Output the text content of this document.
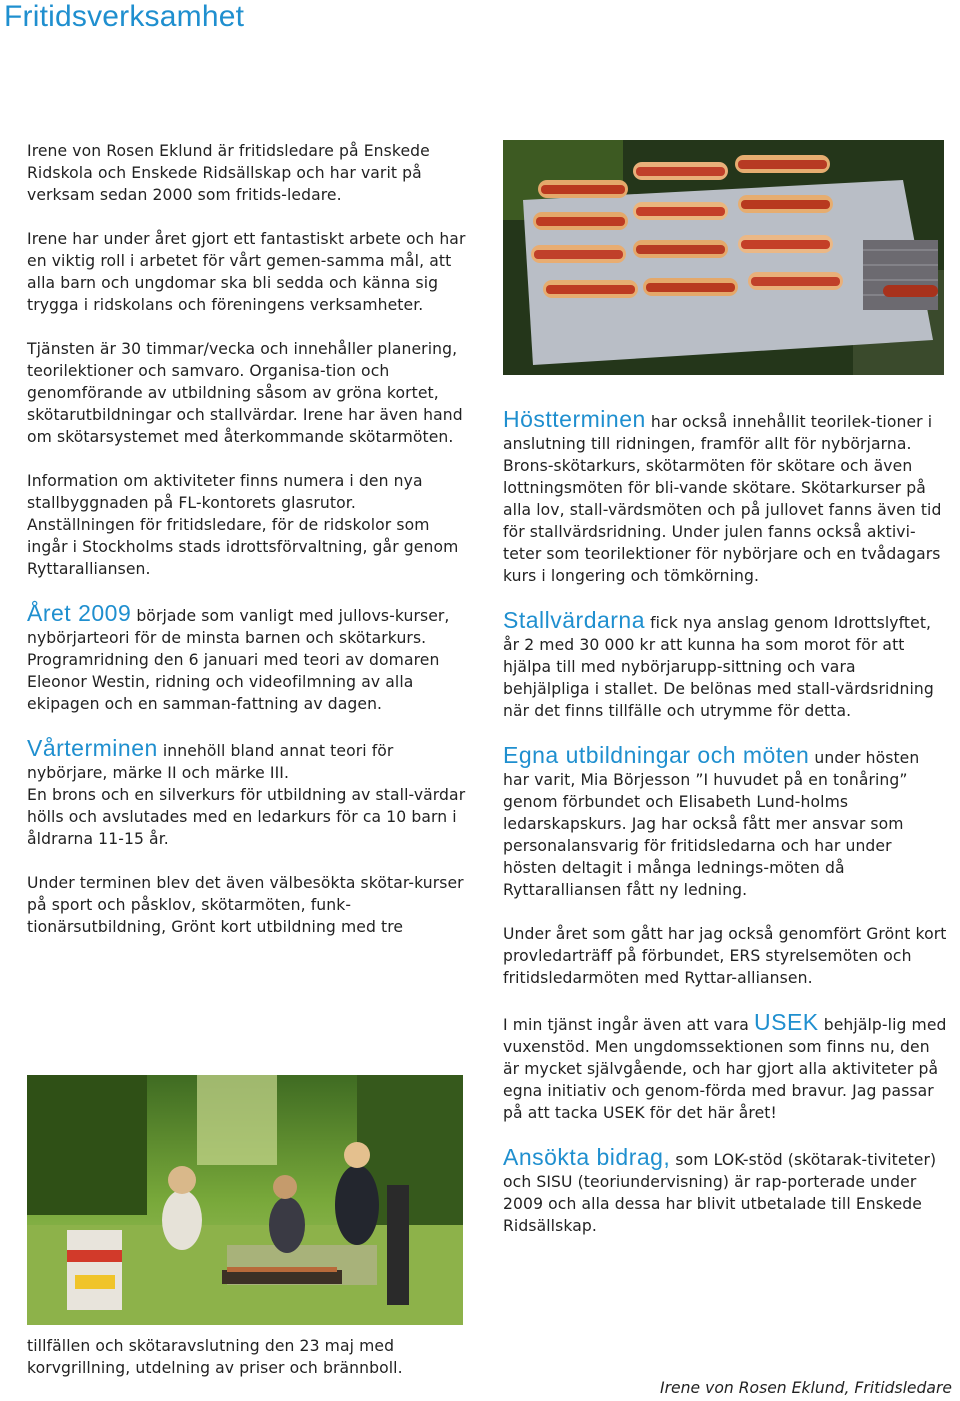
Fritidsverksamhet

Irene von Rosen Eklund är fritidsledare på Enskede Ridskola och Enskede Ridsällskap och har varit på verksam sedan 2000 som fritids-ledare.

Irene har under året gjort ett fantastiskt arbete och har en viktig roll i arbetet för vårt gemen-samma mål, att alla barn och ungdomar ska bli sedda och känna sig trygga i ridskolans och föreningens verksamheter.

Tjänsten är 30 timmar/vecka och innehåller planering, teorilektioner och samvaro. Organisa-tion och genomförande av utbildning såsom av gröna kortet, skötarutbildningar och stallvärdar. Irene har även hand om skötarsystemet med återkommande skötarmöten.

Information om aktiviteter finns numera i den nya stallbyggnaden på FL-kontorets glasrutor. Anställningen för fritidsledare, för de ridskolor som ingår i Stockholms stads idrottsförvaltning, går genom Ryttaralliansen.

Året 2009 började som vanligt med jullovs-kurser, nybörjarteori för de minsta barnen och skötarkurs. Programridning den 6 januari med teori av domaren Eleonor Westin, ridning och videofilmning av alla ekipagen och en samman-fattning av dagen.

Vårterminen innehöll bland annat teori för nybörjare, märke II och märke III.

En brons och en silverkurs för utbildning av stall-värdar hölls och avslutades med en ledarkurs för ca 10 barn i åldrarna 11-15 år.

Under terminen blev det även välbesökta skötar-kurser på sport och påsklov, skötarmöten, funk-tionärsutbildning, Grönt kort utbildning med tre

tillfällen och skötaravslutning den 23 maj med korvgrillning, utdelning av priser och brännboll.

Höstterminen har också innehållit teorilek-tioner i anslutning till ridningen, framför allt för nybörjarna. Brons-skötarkurs, skötarmöten för skötare och även lottningsmöten för bli-vande skötare. Skötarkurser på alla lov, stall-värdsmöten och på jullovet fanns även tid för stallvärdsridning. Under julen fanns också aktivi-teter som teorilektioner för nybörjare och en tvådagars kurs i longering och tömkörning.

Stallvärdarna fick nya anslag genom Idrottslyftet, år 2 med 30 000 kr att kunna ha som morot för att hjälpa till med nybörjarupp-sittning och vara behjälpliga i stallet. De belönas med stall-värdsridning när det finns tillfälle och utrymme för detta.

Egna utbildningar och möten under hösten har varit, Mia Börjesson ”I huvudet på en tonåring” genom förbundet och Elisabeth Lund-holms ledarskapskurs. Jag har också fått mer ansvar som personalansvarig för fritidsledarna och har under hösten deltagit i många lednings-möten då Ryttaralliansen fått ny ledning.

Under året som gått har jag också genomfört Grönt kort provledarträff på förbundet, ERS styrelsemöten och fritidsledarmöten med Ryttar-alliansen.

I min tjänst ingår även att vara USEK behjälp-lig med vuxenstöd. Men ungdomssektionen som finns nu, den är mycket självgående, och har gjort alla aktiviteter på egna initiativ och genom-förda med bravur. Jag passar på att tacka USEK för det här året!

Ansökta bidrag, som LOK-stöd (skötarak-tiviteter) och SISU (teoriundervisning) är rap-porterade under 2009 och alla dessa har blivit utbetalade till Enskede Ridsällskap.

Irene von Rosen Eklund, Fritidsledare
